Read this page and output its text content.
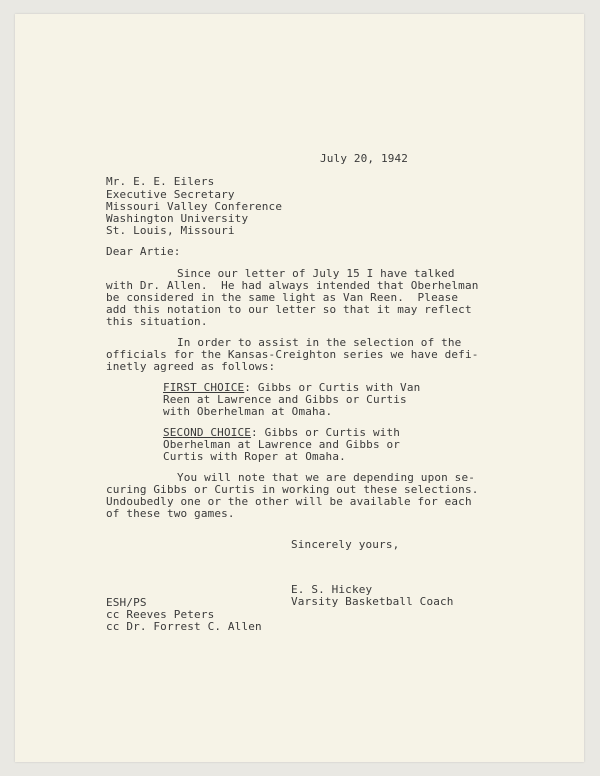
July 20, 1942
Mr. E. E. Eilers
Executive Secretary
Missouri Valley Conference
Washington University
St. Louis, Missouri
Dear Artie:
Since our letter of July 15 I have talked
with Dr. Allen.  He had always intended that Oberhelman
be considered in the same light as Van Reen.  Please
add this notation to our letter so that it may reflect
this situation.
In order to assist in the selection of the
officials for the Kansas-Creighton series we have defi-
inetly agreed as follows:
FIRST CHOICE: Gibbs or Curtis with Van
Reen at Lawrence and Gibbs or Curtis
with Oberhelman at Omaha.
SECOND CHOICE: Gibbs or Curtis with
Oberhelman at Lawrence and Gibbs or
Curtis with Roper at Omaha.
You will note that we are depending upon se-
curing Gibbs or Curtis in working out these selections.
Undoubedly one or the other will be available for each
of these two games.
Sincerely yours,
E. S. Hickey
Varsity Basketball Coach
ESH/PS
cc Reeves Peters
cc Dr. Forrest C. Allen
